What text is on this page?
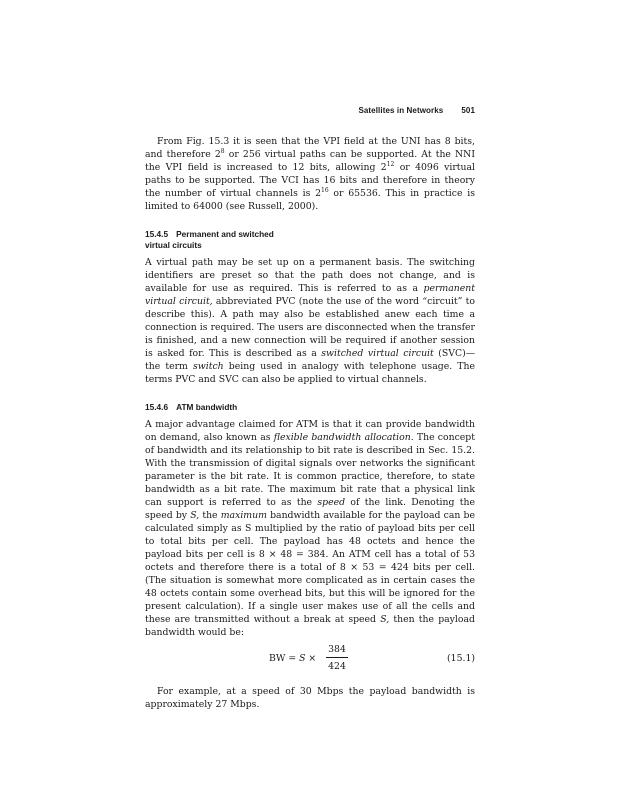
Satellites in Networks 501

From Fig. 15.3 it is seen that the VPI field at the UNI has 8 bits, and therefore $2^8$ or 256 virtual paths can be supported. At the NNI the VPI field is increased to 12 bits, allowing $2^{12}$ or 4096 virtual paths to be supported. The VCI has 16 bits and therefore in theory the number of virtual channels is $2^{16}$ or 65536. This in practice is limited to 64000 (see Russell, 2000).

15.4.5 Permanent and switched
virtual circuits

A virtual path may be set up on a permanent basis. The switching identifiers are preset so that the path does not change, and is available for use as required. This is referred to as a permanent virtual circuit, abbreviated PVC (note the use of the word “circuit” to describe this). A path may also be established anew each time a connection is required. The users are disconnected when the transfer is finished, and a new connection will be required if another session is asked for. This is described as a switched virtual circuit (SVC)— the term switch being used in analogy with telephone usage. The terms PVC and SVC can also be applied to virtual channels.

15.4.6 ATM bandwidth

A major advantage claimed for ATM is that it can provide bandwidth on demand, also known as flexible bandwidth allocation. The concept of bandwidth and its relationship to bit rate is described in Sec. 15.2. With the transmission of digital signals over networks the significant parameter is the bit rate. It is common practice, therefore, to state bandwidth as a bit rate. The maximum bit rate that a physical link can support is referred to as the speed of the link. Denoting the speed by S, the maximum bandwidth available for the payload can be calculated simply as S multiplied by the ratio of payload bits per cell to total bits per cell. The payload has 48 octets and hence the payload bits per cell is 8 × 48 = 384. An ATM cell has a total of 53 octets and therefore there is a total of 8 × 53 = 424 bits per cell. (The situation is somewhat more complicated as in certain cases the 48 octets contain some overhead bits, but this will be ignored for the present calculation). If a single user makes use of all the cells and these are transmitted without a break at speed S, then the payload bandwidth would be:

BW = S ×
384
424
(15.1)

For example, at a speed of 30 Mbps the payload bandwidth is approximately 27 Mbps.
